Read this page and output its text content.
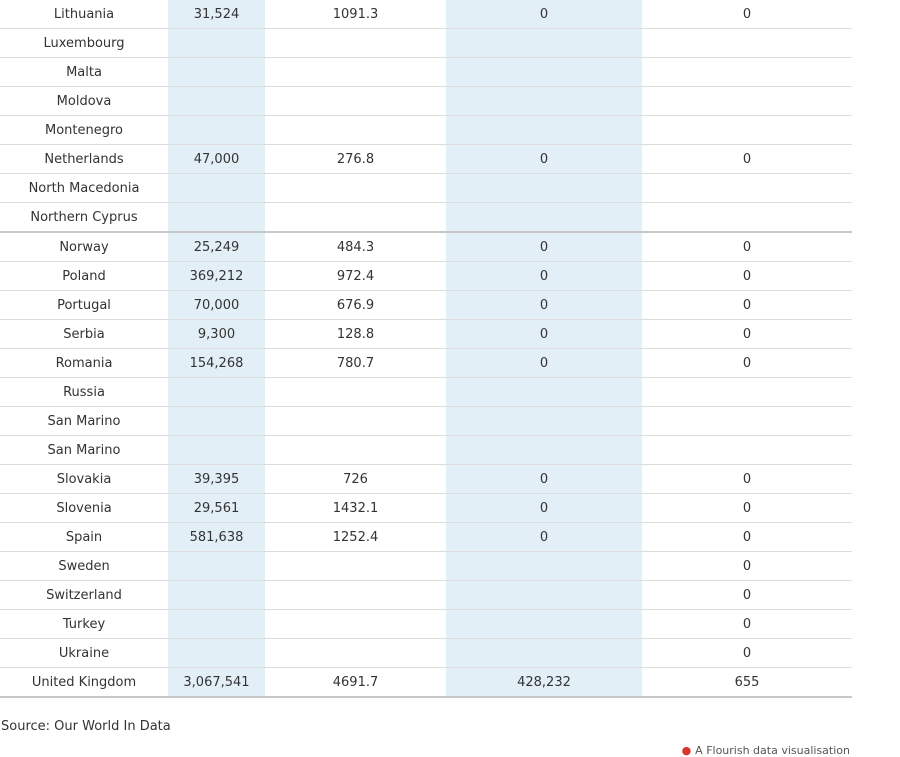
Lithuania	31,524	1091.3	0	0
Luxembourg				
Malta				
Moldova				
Montenegro				
Netherlands	47,000	276.8	0	0
North Macedonia				
Northern Cyprus				
Norway	25,249	484.3	0	0
Poland	369,212	972.4	0	0
Portugal	70,000	676.9	0	0
Serbia	9,300	128.8	0	0
Romania	154,268	780.7	0	0
Russia				
San Marino				
San Marino				
Slovakia	39,395	726	0	0
Slovenia	29,561	1432.1	0	0
Spain	581,638	1252.4	0	0
Sweden				0
Switzerland				0
Turkey				0
Ukraine				0
United Kingdom	3,067,541	4691.7	428,232	655
Source: Our World In Data
● A Flourish data visualisation
